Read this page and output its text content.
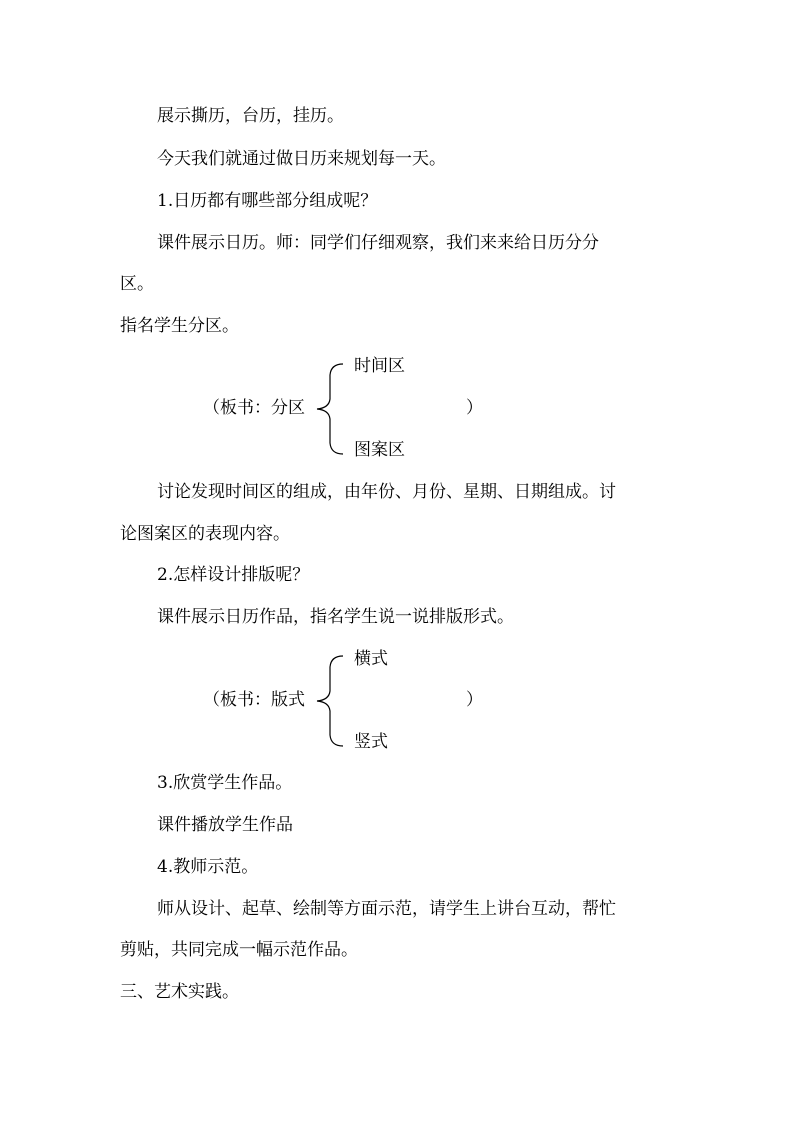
展示撕历，台历，挂历。
今天我们就通过做日历来规划每一天。
1.日历都有哪些部分组成呢？
课件展示日历。师：同学们仔细观察，我们来来给日历分分
区。
指名学生分区。
（板书：分区
时间区
图案区
）
讨论发现时间区的组成，由年份、月份、星期、日期组成。讨
论图案区的表现内容。
2.怎样设计排版呢？
课件展示日历作品，指名学生说一说排版形式。
（板书：版式
横式
竖式
）
3.欣赏学生作品。
课件播放学生作品
4.教师示范。
师从设计、起草、绘制等方面示范，请学生上讲台互动，帮忙
剪贴，共同完成一幅示范作品。
三、艺术实践。
